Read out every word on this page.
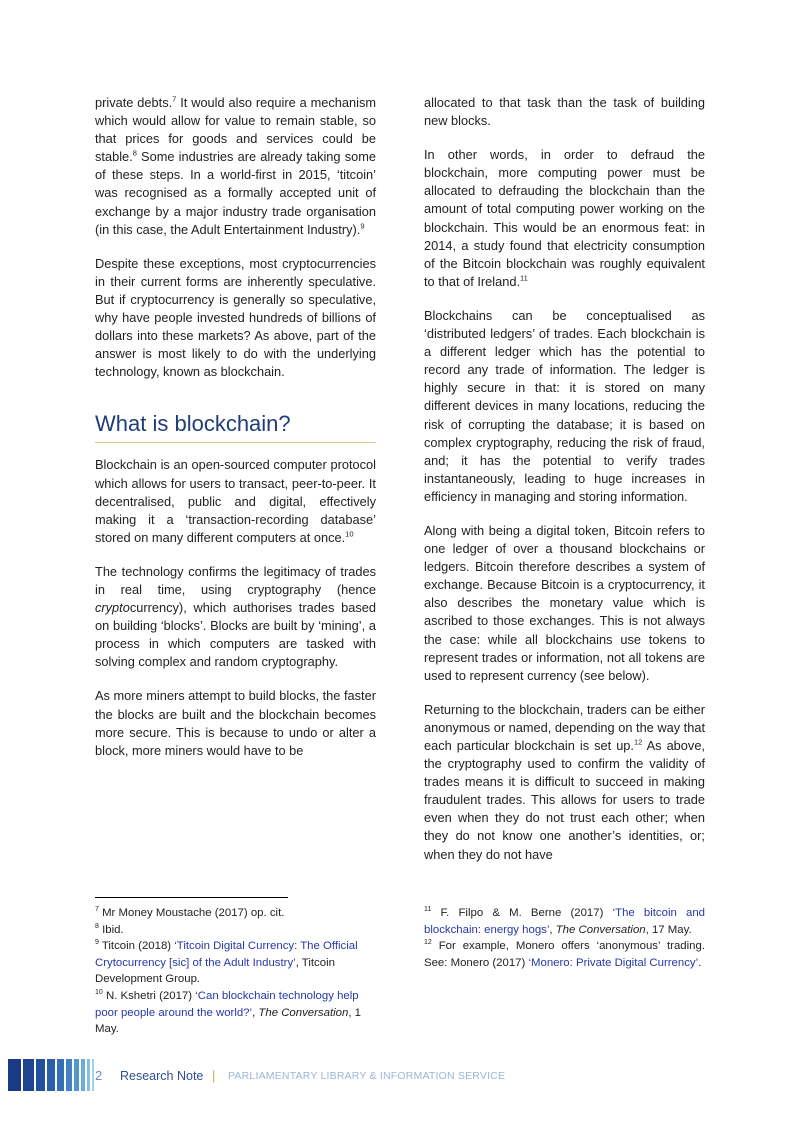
private debts.$^7$ It would also require a mechanism which would allow for value to remain stable, so that prices for goods and services could be stable.$^8$ Some industries are already taking some of these steps. In a world-first in 2015, ‘titcoin’ was recognised as a formally accepted unit of exchange by a major industry trade organisation (in this case, the Adult Entertainment Industry).$^9$

Despite these exceptions, most cryptocurrencies in their current forms are inherently speculative. But if cryptocurrency is generally so speculative, why have people invested hundreds of billions of dollars into these markets? As above, part of the answer is most likely to do with the underlying technology, known as blockchain.

What is blockchain?

Blockchain is an open-sourced computer protocol which allows for users to transact, peer-to-peer. It decentralised, public and digital, effectively making it a ‘transaction-recording database’ stored on many different computers at once.$^{10}$

The technology confirms the legitimacy of trades in real time, using cryptography (hence cryptocurrency), which authorises trades based on building ‘blocks’. Blocks are built by ‘mining’, a process in which computers are tasked with solving complex and random cryptography.

As more miners attempt to build blocks, the faster the blocks are built and the blockchain becomes more secure. This is because to undo or alter a block, more miners would have to be

allocated to that task than the task of building new blocks.

In other words, in order to defraud the blockchain, more computing power must be allocated to defrauding the blockchain than the amount of total computing power working on the blockchain. This would be an enormous feat: in 2014, a study found that electricity consumption of the Bitcoin blockchain was roughly equivalent to that of Ireland.$^{11}$

Blockchains can be conceptualised as ‘distributed ledgers’ of trades. Each blockchain is a different ledger which has the potential to record any trade of information. The ledger is highly secure in that: it is stored on many different devices in many locations, reducing the risk of corrupting the database; it is based on complex cryptography, reducing the risk of fraud, and; it has the potential to verify trades instantaneously, leading to huge increases in efficiency in managing and storing information.

Along with being a digital token, Bitcoin refers to one ledger of over a thousand blockchains or ledgers. Bitcoin therefore describes a system of exchange. Because Bitcoin is a cryptocurrency, it also describes the monetary value which is ascribed to those exchanges. This is not always the case: while all blockchains use tokens to represent trades or information, not all tokens are used to represent currency (see below).

Returning to the blockchain, traders can be either anonymous or named, depending on the way that each particular blockchain is set up.$^{12}$ As above, the cryptography used to confirm the validity of trades means it is difficult to succeed in making fraudulent trades. This allows for users to trade even when they do not trust each other; when they do not know one another’s identities, or; when they do not have

$^7$ Mr Money Moustache (2017) op. cit.
$^8$ Ibid.
$^9$ Titcoin (2018) ‘Titcoin Digital Currency: The Official Crytocurrency [sic] of the Adult Industry’, Titcoin Development Group.
$^{10}$ N. Kshetri (2017) ‘Can blockchain technology help poor people around the world?’, The Conversation, 1 May.
$^{11}$ F. Filpo & M. Berne (2017) ‘The bitcoin and blockchain: energy hogs’, The Conversation, 17 May.
$^{12}$ For example, Monero offers ‘anonymous’ trading. See: Monero (2017) ‘Monero: Private Digital Currency’.
2 Research Note | PARLIAMENTARY LIBRARY & INFORMATION SERVICE
